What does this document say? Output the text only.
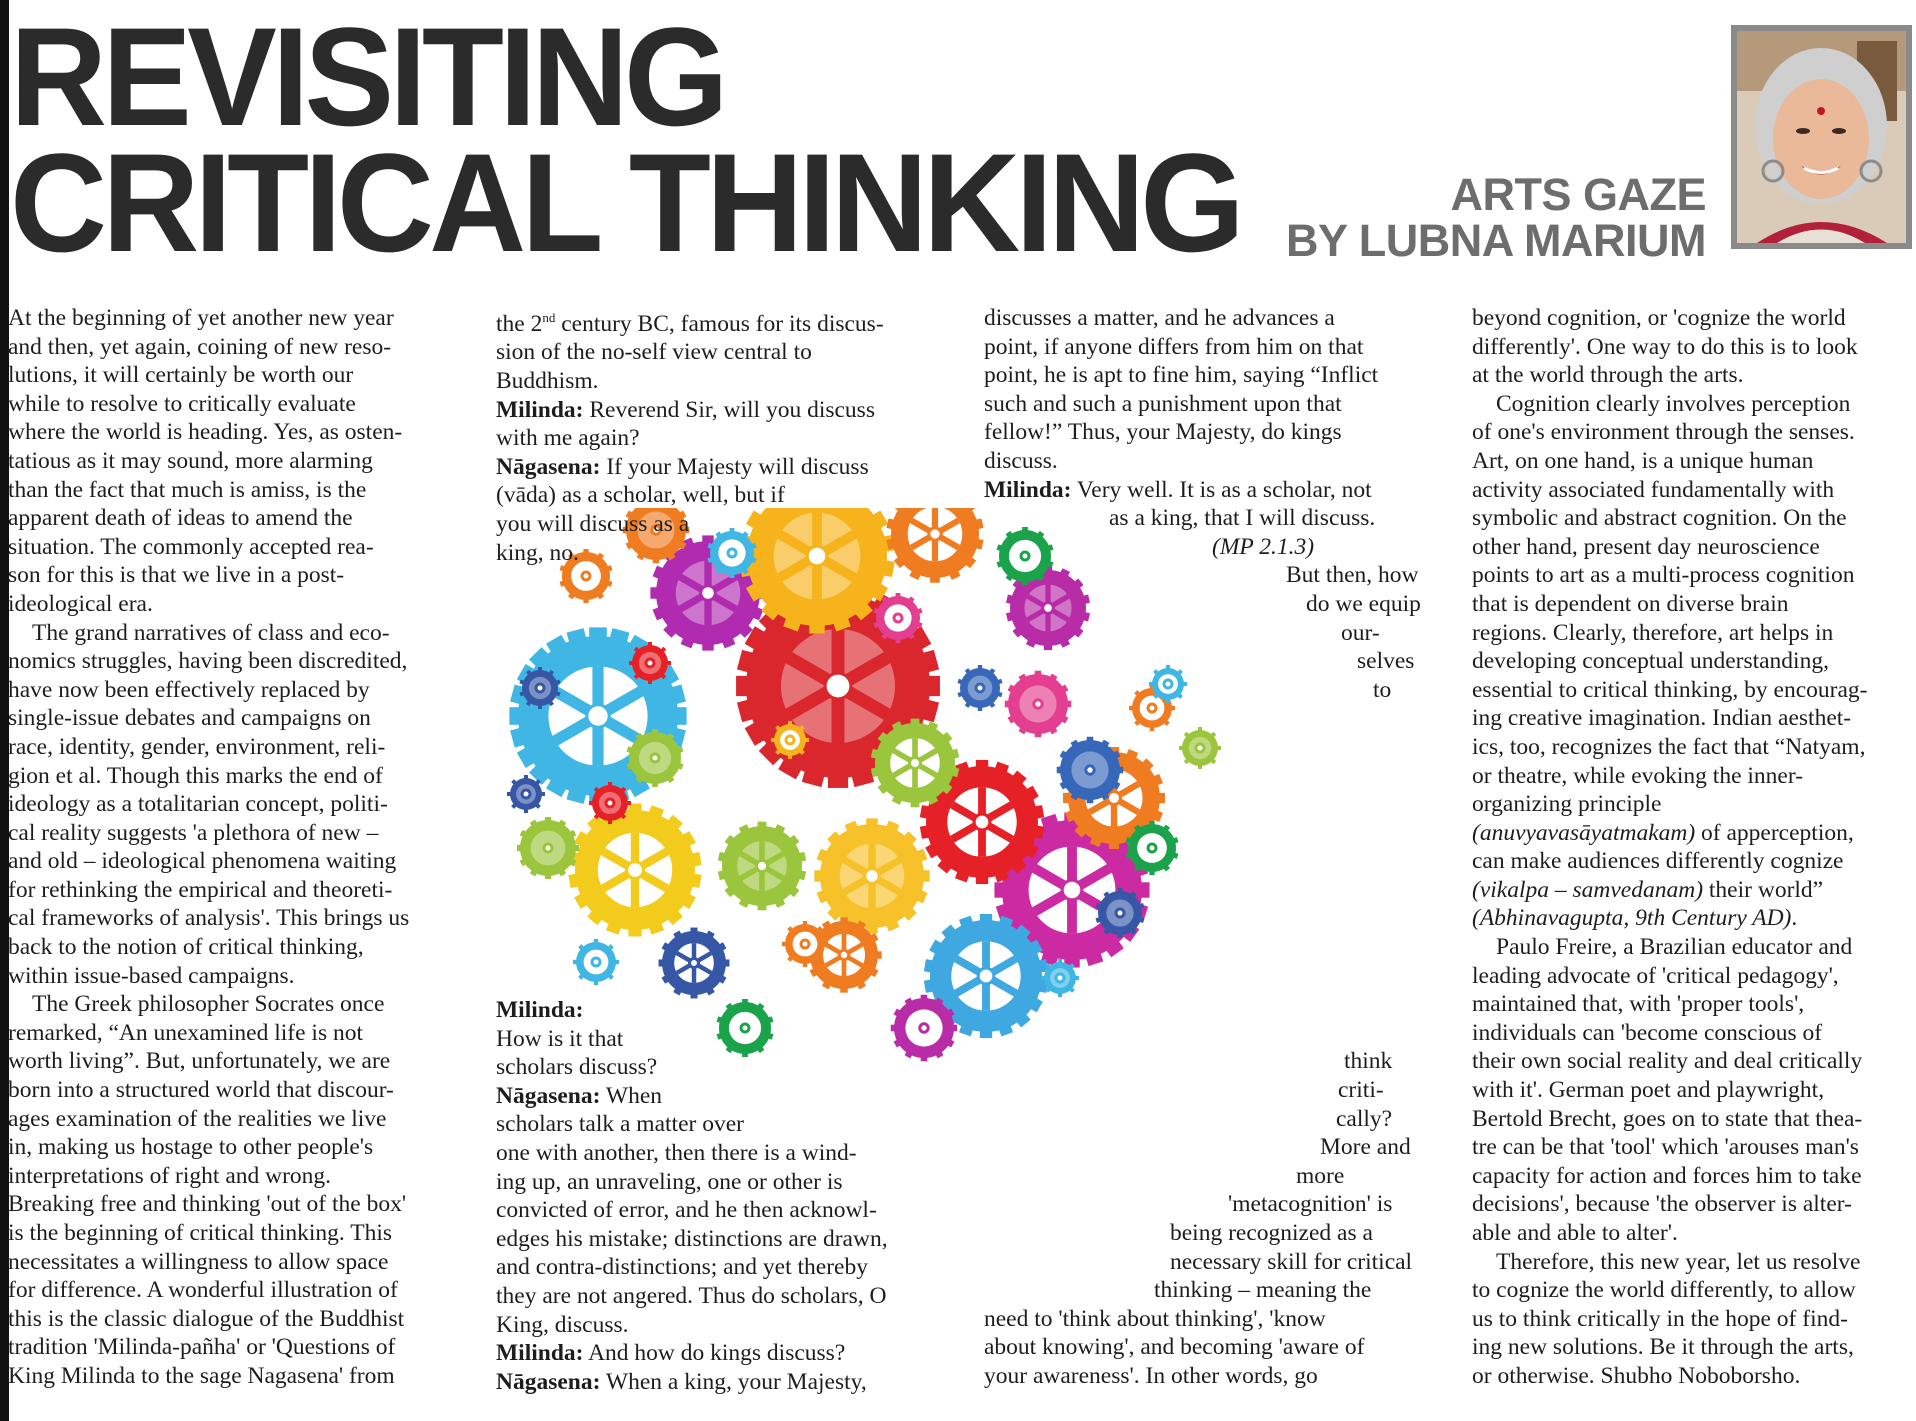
REVISITING
CRITICAL THINKING	ARTS GAZE
BY LUBNA MARIUM
At the beginning of yet another new year
and then, yet again, coining of new reso-
lutions, it will certainly be worth our
while to resolve to critically evaluate
where the world is heading. Yes, as osten-
tatious as it may sound, more alarming
than the fact that much is amiss, is the
apparent death of ideas to amend the
situation. The commonly accepted rea-
son for this is that we live in a post-
ideological era.
The grand narratives of class and eco-
nomics struggles, having been discredited,
have now been effectively replaced by
single-issue debates and campaigns on
race, identity, gender, environment, reli-
gion et al. Though this marks the end of
ideology as a totalitarian concept, politi-
cal reality suggests 'a plethora of new –
and old – ideological phenomena waiting
for rethinking the empirical and theoreti-
cal frameworks of analysis'. This brings us
back to the notion of critical thinking,
within issue-based campaigns.
The Greek philosopher Socrates once
remarked, “An unexamined life is not
worth living”. But, unfortunately, we are
born into a structured world that discour-
ages examination of the realities we live
in, making us hostage to other people's
interpretations of right and wrong.
Breaking free and thinking 'out of the box'
is the beginning of critical thinking. This
necessitates a willingness to allow space
for difference. A wonderful illustration of
this is the classic dialogue of the Buddhist
tradition 'Milinda-pañha' or 'Questions of
King Milinda to the sage Nagasena' from
the 2nd century BC, famous for its discus-
sion of the no-self view central to
Buddhism.
Milinda: Reverend Sir, will you discuss
with me again?
Nāgasena: If your Majesty will discuss
(vāda) as a scholar, well, but if
you will discuss as a
king, no.
Milinda:
How is it that
scholars discuss?
Nāgasena: When
scholars talk a matter over
one with another, then there is a wind-
ing up, an unraveling, one or other is
convicted of error, and he then acknowl-
edges his mistake; distinctions are drawn,
and contra-distinctions; and yet thereby
they are not angered. Thus do scholars, O
King, discuss.
Milinda: And how do kings discuss?
Nāgasena: When a king, your Majesty,
discusses a matter, and he advances a
point, if anyone differs from him on that
point, he is apt to fine him, saying “Inflict
such and such a punishment upon that
fellow!” Thus, your Majesty, do kings
discuss.
Milinda: Very well. It is as a scholar, not
as a king, that I will discuss.
(MP 2.1.3)
But then, how
do we equip
our-
selves
to
think
criti-
cally?
More and
more
'metacognition' is
being recognized as a
necessary skill for critical
thinking – meaning the
need to 'think about thinking', 'know
about knowing', and becoming 'aware of
your awareness'. In other words, go
beyond cognition, or 'cognize the world
differently'. One way to do this is to look
at the world through the arts.
Cognition clearly involves perception
of one's environment through the senses.
Art, on one hand, is a unique human
activity associated fundamentally with
symbolic and abstract cognition. On the
other hand, present day neuroscience
points to art as a multi-process cognition
that is dependent on diverse brain
regions. Clearly, therefore, art helps in
developing conceptual understanding,
essential to critical thinking, by encourag-
ing creative imagination. Indian aesthet-
ics, too, recognizes the fact that “Natyam,
or theatre, while evoking the inner-
organizing principle
(anuvyavasāyatmakam) of apperception,
can make audiences differently cognize
(vikalpa – samvedanam) their world”
(Abhinavagupta, 9th Century AD).
Paulo Freire, a Brazilian educator and
leading advocate of 'critical pedagogy',
maintained that, with 'proper tools',
individuals can 'become conscious of
their own social reality and deal critically
with it'. German poet and playwright,
Bertold Brecht, goes on to state that thea-
tre can be that 'tool' which 'arouses man's
capacity for action and forces him to take
decisions', because 'the observer is alter-
able and able to alter'.
Therefore, this new year, let us resolve
to cognize the world differently, to allow
us to think critically in the hope of find-
ing new solutions. Be it through the arts,
or otherwise. Shubho Noboborsho.
